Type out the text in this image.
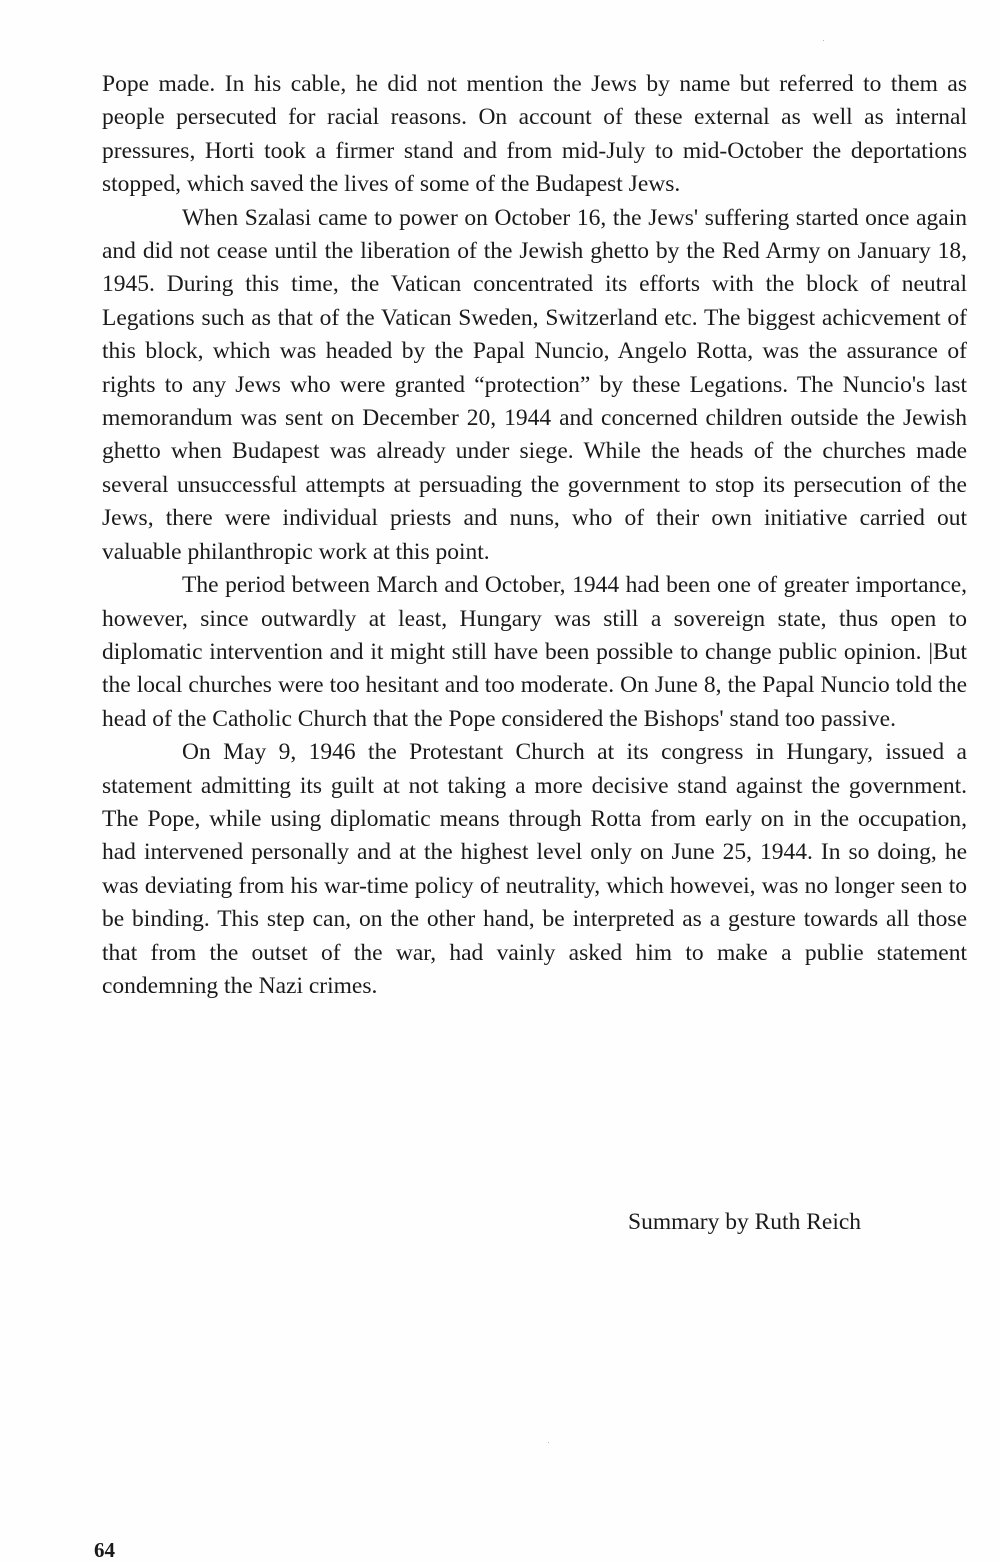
Pope made. In his cable, he did not mention the Jews by name but referred to them as people persecuted for racial reasons. On account of these external as well as internal pressures, Horti took a firmer stand and from mid-July to mid-October the deportations stopped, which saved the lives of some of the Budapest Jews.

When Szalasi came to power on October 16, the Jews' suffering started once again and did not cease until the liberation of the Jewish ghetto by the Red Army on January 18, 1945. During this time, the Vatican concentrated its efforts with the block of neutral Legations such as that of the Vatican Sweden, Switzerland etc. The biggest achicvement of this block, which was headed by the Papal Nuncio, Angelo Rotta, was the assurance of rights to any Jews who were granted “protection” by these Legations. The Nuncio's last memorandum was sent on December 20, 1944 and concerned children outside the Jewish ghetto when Budapest was already under siege. While the heads of the churches made several unsuccessful attempts at persuading the government to stop its persecution of the Jews, there were individual priests and nuns, who of their own initiative carried out valuable philanthropic work at this point.

The period between March and October, 1944 had been one of greater importance, however, since outwardly at least, Hungary was still a sovereign state, thus open to diplomatic intervention and it might still have been possible to change public opinion. |But the local churches were too hesitant and too moderate. On June 8, the Papal Nuncio told the head of the Catholic Church that the Pope considered the Bishops' stand too passive.

On May 9, 1946 the Protestant Church at its congress in Hungary, issued a statement admitting its guilt at not taking a more decisive stand against the government. The Pope, while using diplomatic means through Rotta from early on in the occupation, had intervened personally and at the highest level only on June 25, 1944. In so doing, he was deviating from his war-time policy of neutrality, which howevei, was no longer seen to be binding. This step can, on the other hand, be interpreted as a gesture towards all those that from the outset of the war, had vainly asked him to make a publie statement condemning the Nazi crimes.

Summary by Ruth Reich
64
